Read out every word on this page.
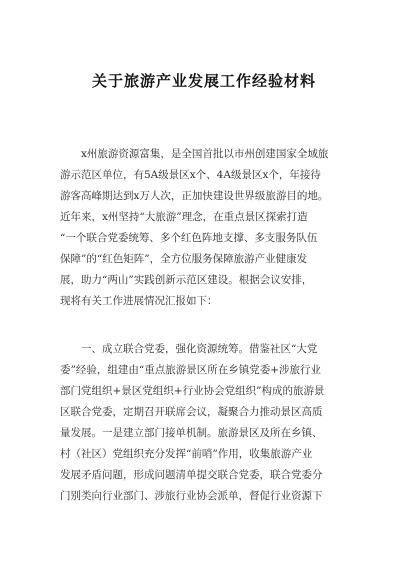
关于旅游产业发展工作经验材料
　　x州旅游资源富集，是全国首批以市州创建国家全域旅
游示范区单位，有5A级景区x个、4A级景区x个，年接待
游客高峰期达到x万人次，正加快建设世界级旅游目的地。
近年来，x州坚持“大旅游”理念，在重点景区探索打造
“一个联合党委统筹、多个红色阵地支撑、多支服务队伍
保障”的“红色矩阵”，全方位服务保障旅游产业健康发
展，助力“两山”实践创新示范区建设。根据会议安排，
现将有关工作进展情况汇报如下：
　　一、成立联合党委，强化资源统筹。借鉴社区“大党
委”经验，组建由“重点旅游景区所在乡镇党委+涉旅行业
部门党组织+景区党组织+行业协会党组织”构成的旅游景
区联合党委，定期召开联席会议，凝聚合力推动景区高质
量发展。一是建立部门接单机制。旅游景区及所在乡镇、
村（社区）党组织充分发挥“前哨”作用，收集旅游产业
发展矛盾问题，形成问题清单提交联合党委，联合党委分
门别类向行业部门、涉旅行业协会派单，督促行业资源下
